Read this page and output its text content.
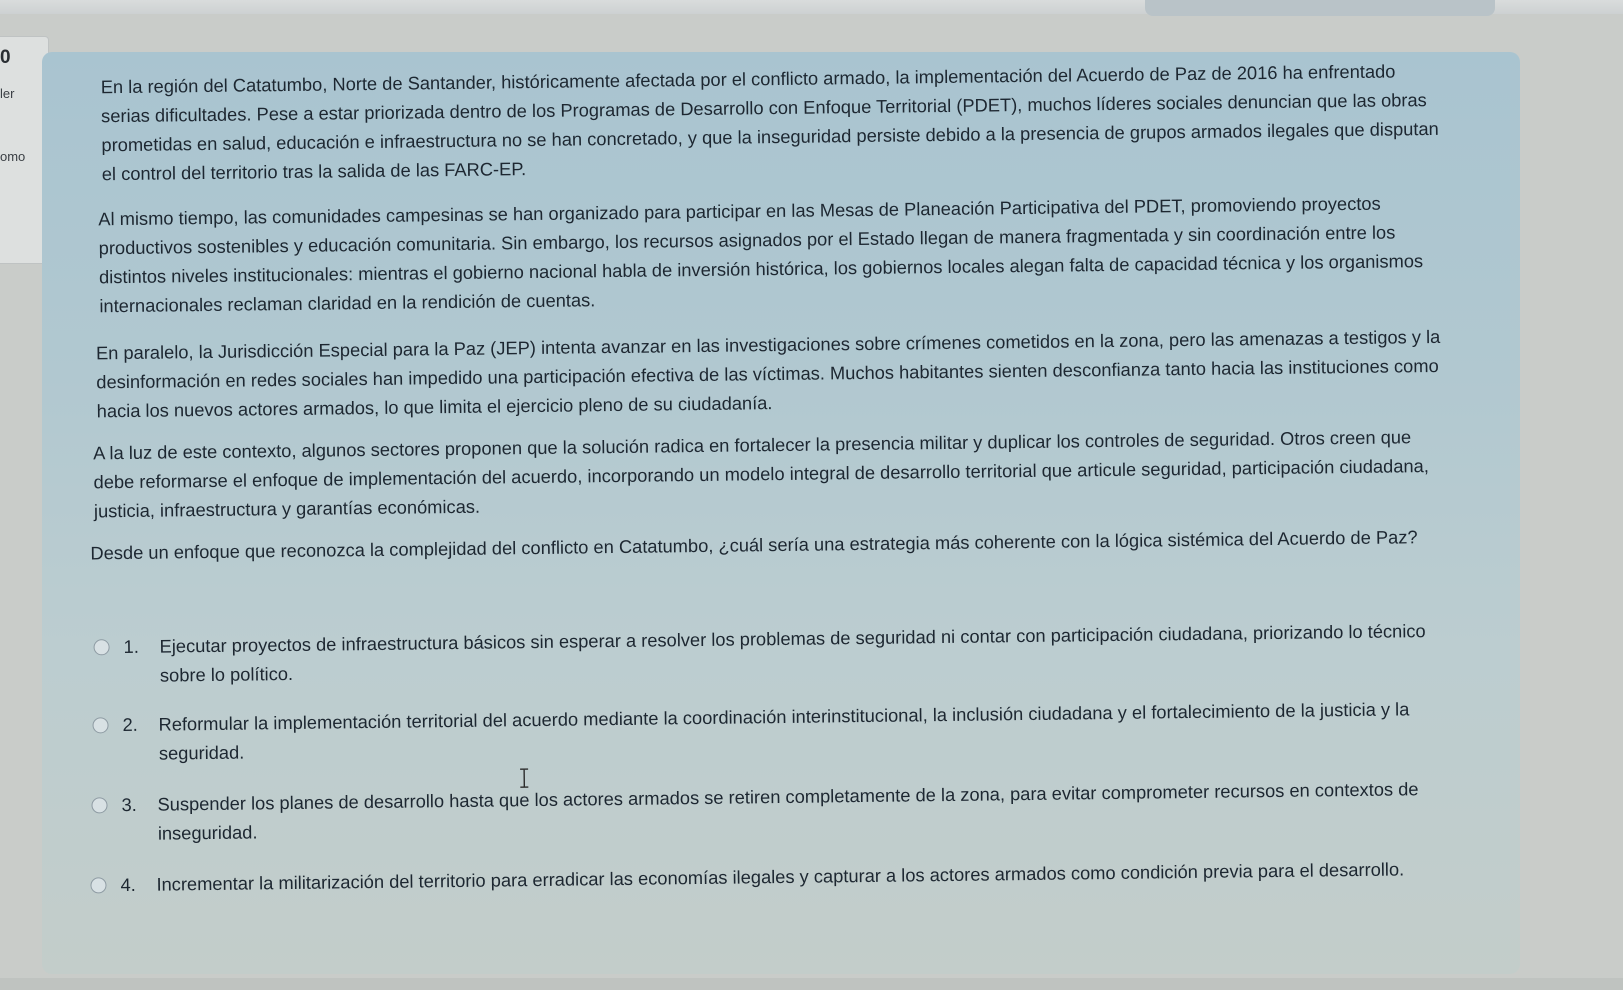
0
ler
omo

En la región del Catatumbo, Norte de Santander, históricamente afectada por el conflicto armado, la implementación del Acuerdo de Paz de 2016 ha enfrentado serias dificultades. Pese a estar priorizada dentro de los Programas de Desarrollo con Enfoque Territorial (PDET), muchos líderes sociales denuncian que las obras prometidas en salud, educación e infraestructura no se han concretado, y que la inseguridad persiste debido a la presencia de grupos armados ilegales que disputan el control del territorio tras la salida de las FARC-EP.

Al mismo tiempo, las comunidades campesinas se han organizado para participar en las Mesas de Planeación Participativa del PDET, promoviendo proyectos productivos sostenibles y educación comunitaria. Sin embargo, los recursos asignados por el Estado llegan de manera fragmentada y sin coordinación entre los distintos niveles institucionales: mientras el gobierno nacional habla de inversión histórica, los gobiernos locales alegan falta de capacidad técnica y los organismos internacionales reclaman claridad en la rendición de cuentas.

En paralelo, la Jurisdicción Especial para la Paz (JEP) intenta avanzar en las investigaciones sobre crímenes cometidos en la zona, pero las amenazas a testigos y la desinformación en redes sociales han impedido una participación efectiva de las víctimas. Muchos habitantes sienten desconfianza tanto hacia las instituciones como hacia los nuevos actores armados, lo que limita el ejercicio pleno de su ciudadanía.

A la luz de este contexto, algunos sectores proponen que la solución radica en fortalecer la presencia militar y duplicar los controles de seguridad. Otros creen que debe reformarse el enfoque de implementación del acuerdo, incorporando un modelo integral de desarrollo territorial que articule seguridad, participación ciudadana, justicia, infraestructura y garantías económicas.

Desde un enfoque que reconozca la complejidad del conflicto en Catatumbo, ¿cuál sería una estrategia más coherente con la lógica sistémica del Acuerdo de Paz?

1.	Ejecutar proyectos de infraestructura básicos sin esperar a resolver los problemas de seguridad ni contar con participación ciudadana, priorizando lo técnico sobre lo político.
2.	Reformular la implementación territorial del acuerdo mediante la coordinación interinstitucional, la inclusión ciudadana y el fortalecimiento de la justicia y la seguridad.
3.	Suspender los planes de desarrollo hasta que los actores armados se retiren completamente de la zona, para evitar comprometer recursos en contextos de inseguridad.
4.	Incrementar la militarización del territorio para erradicar las economías ilegales y capturar a los actores armados como condición previa para el desarrollo.
